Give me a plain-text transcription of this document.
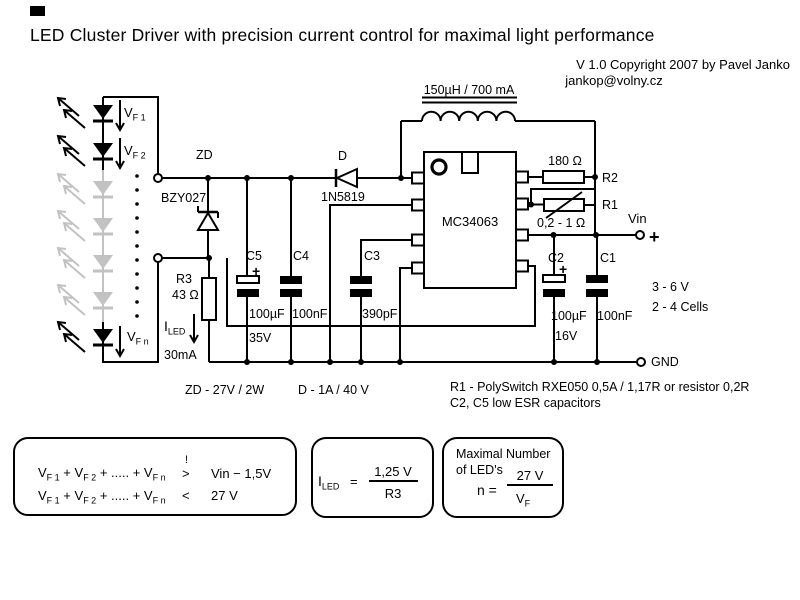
LED Cluster Driver with precision current control for maximal light performance
V 1.0 Copyright 2007 by Pavel Janko
jankop@volny.cz
$V_{F 1}$
$V_{F 2}$
$V_{F n}$
ZD
BZY027
D
1N5819
150µH / 700 mA
MC34063
180 Ω
R2
R1
0,2 - 1 Ω
R3
43 Ω
$I_{LED}$
30mA
C5
+
100µF
35V
C4
100nF
C3
390pF
C2
+
100µF
16V
C1
100nF
Vin
+
3 - 6 V
2 - 4 Cells
GND
ZD - 27V / 2W	D - 1A / 40 V	R1 - PolySwitch RXE050 0,5A / 1,17R or resistor 0,2R
C2, C5 low ESR capacitors
$V_{F 1} + V_{F 2}$ + ..... + $V_{F n}$
!
> Vin − 1,5V
$V_{F 1} + V_{F 2}$ + ..... + $V_{F n} < 27$ V
$I_{LED}$ =
1,25 V
R3
Maximal Number
of LED's
n =
27 V
$V_F$
